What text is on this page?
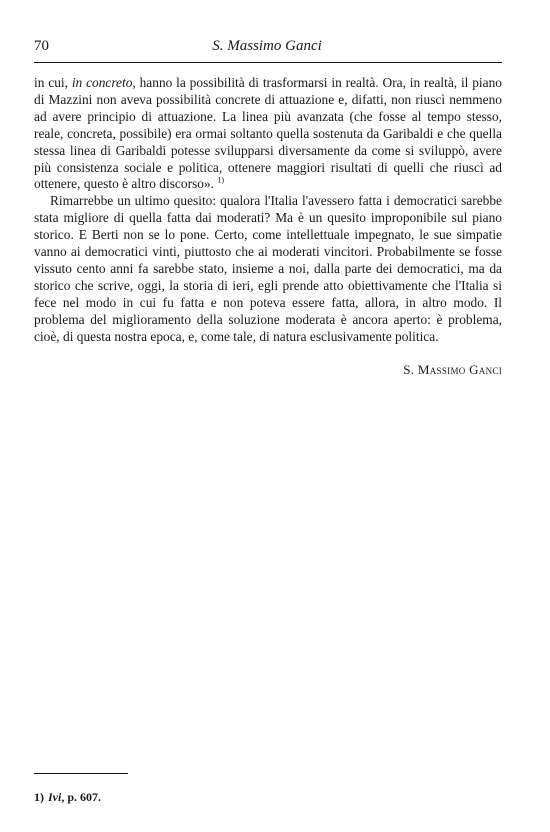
70	S. Massimo Ganci

in cui, in concreto, hanno la possibilità di trasformarsi in realtà. Ora, in realtà, il piano di Mazzini non aveva possibilità concrete di attuazione e, difatti, non riuscì nemmeno ad avere principio di attuazione. La linea più avanzata (che fosse al tempo stesso, reale, concreta, possibile) era ormai soltanto quella sostenuta da Garibaldi e che quella stessa linea di Garibaldi potesse svilupparsi diversamente da come si sviluppò, avere più consistenza sociale e politica, ottenere maggiori risultati di quelli che riuscì ad ottenere, questo è altro discorso». $^{1)}$

Rimarrebbe un ultimo quesito: qualora l'Italia l'avessero fatta i democratici sarebbe stata migliore di quella fatta dai moderati? Ma è un quesito improponibile sul piano storico. E Berti non se lo pone. Certo, come intellettuale impegnato, le sue simpatie vanno ai democratici vinti, piuttosto che ai moderati vincitori. Probabilmente se fosse vissuto cento anni fa sarebbe stato, insieme a noi, dalla parte dei democratici, ma da storico che scrive, oggi, la storia di ieri, egli prende atto obiettivamente che l'Italia si fece nel modo in cui fu fatta e non poteva essere fatta, allora, in altro modo. Il problema del miglioramento della soluzione moderata è ancora aperto: è problema, cioè, di questa nostra epoca, e, come tale, di natura esclusivamente politica.

S. Massimo Ganci
1) Ivi, p. 607.
